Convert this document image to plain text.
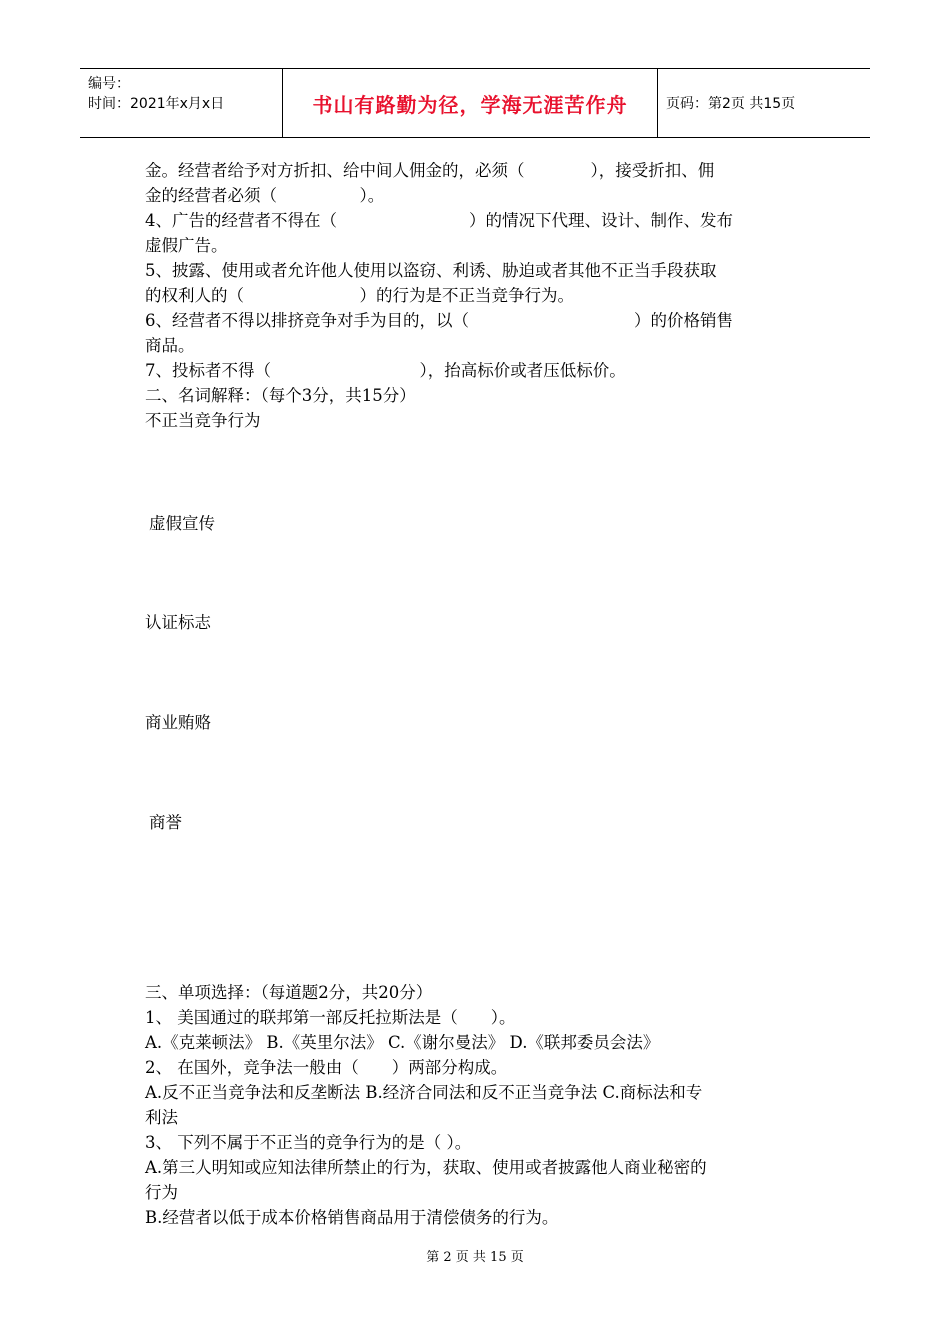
编号：
时间：2021年x月x日	书山有路勤为径，学海无涯苦作舟	页码：第2页 共15页

金。经营者给予对方折扣、给中间人佣金的，必须（　　　　），接受折扣、佣

金的经营者必须（　　　　　）。

4、广告的经营者不得在（　　　　　　　　）的情况下代理、设计、制作、发布

虚假广告。

5、披露、使用或者允许他人使用以盗窃、利诱、胁迫或者其他不正当手段获取

的权利人的（　　　　　　　）的行为是不正当竞争行为。

6、经营者不得以排挤竞争对手为目的，以（　　　　　　　　　　）的价格销售

商品。

7、投标者不得（　　　　　　　　　），抬高标价或者压低标价。

二、名词解释：（每个3分，共15分）

不正当竞争行为

虚假宣传
认证标志
商业贿赂
商誉

三、单项选择：（每道题2分，共20分）

1、 美国通过的联邦第一部反托拉斯法是（　　）。

A.《克莱顿法》 B.《英里尔法》 C.《谢尔曼法》 D.《联邦委员会法》

2、 在国外，竞争法一般由（　　）两部分构成。

A.反不正当竞争法和反垄断法 B.经济合同法和反不正当竞争法 C.商标法和专

利法

3、 下列不属于不正当的竞争行为的是（ ）。

A.第三人明知或应知法律所禁止的行为，获取、使用或者披露他人商业秘密的

行为

B.经营者以低于成本价格销售商品用于清偿债务的行为。

第 2 页 共 15 页
